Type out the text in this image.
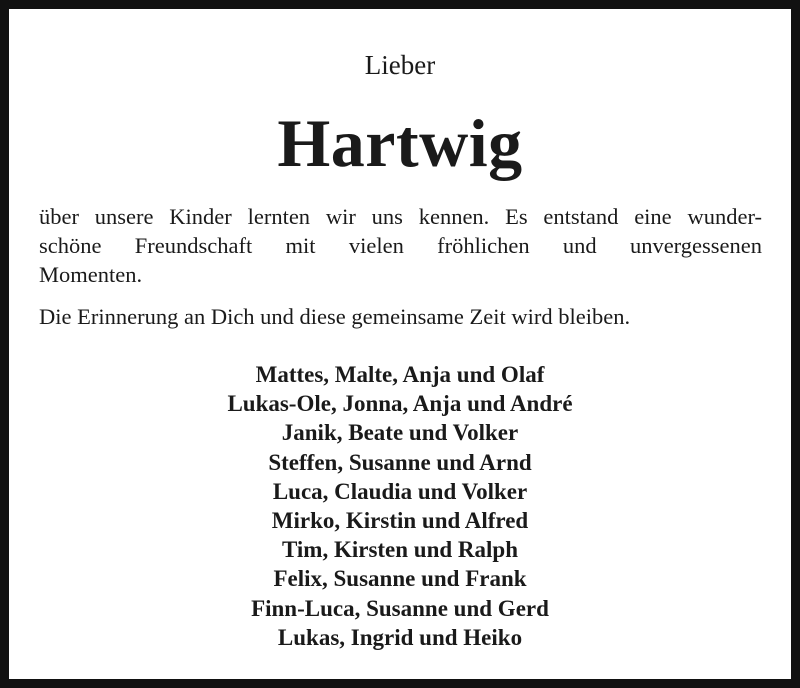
Lieber
Hartwig
über unsere Kinder lernten wir uns kennen. Es entstand eine wunder-
schöne Freundschaft mit vielen fröhlichen und unvergessenen
Momenten.
Die Erinnerung an Dich und diese gemeinsame Zeit wird bleiben.
Mattes, Malte, Anja und Olaf
Lukas-Ole, Jonna, Anja und André
Janik, Beate und Volker
Steffen, Susanne und Arnd
Luca, Claudia und Volker
Mirko, Kirstin und Alfred
Tim, Kirsten und Ralph
Felix, Susanne und Frank
Finn-Luca, Susanne und Gerd
Lukas, Ingrid und Heiko
